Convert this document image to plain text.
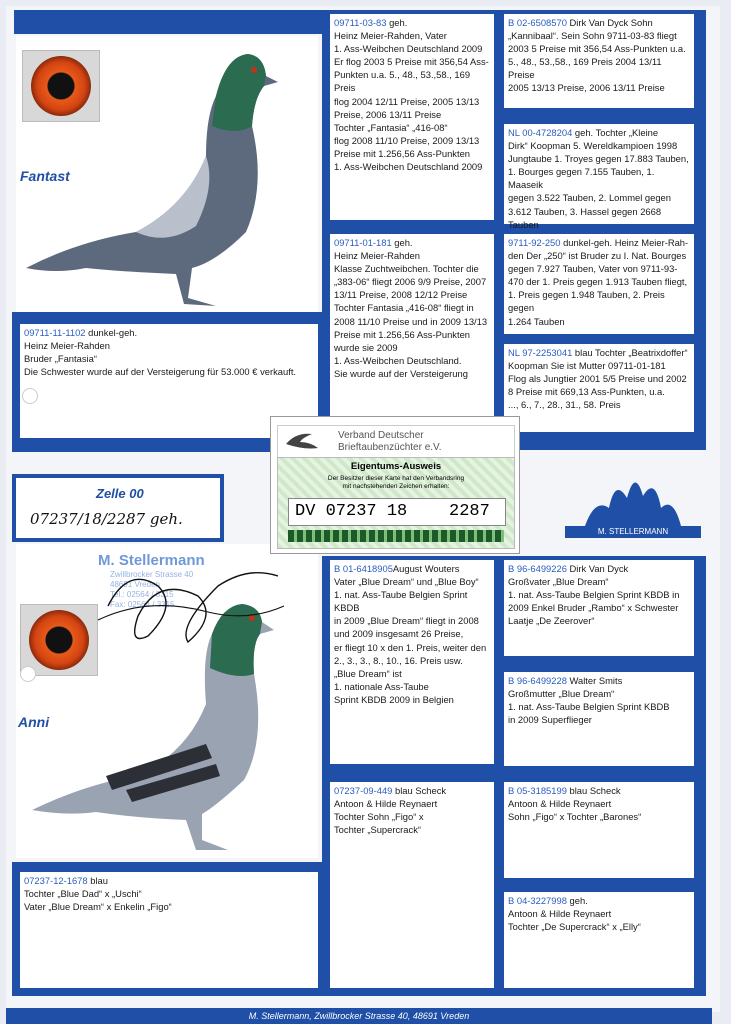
Fantast
Anni

09711-03-83 geh.

Heinz Meier-Rahden, Vater

1. Ass-Weibchen Deutschland 2009

Er flog 2003 5 Preise mit 356,54 Ass-

Punkten u.a. 5., 48., 53.,58., 169 Preis

flog 2004 12/11 Preise, 2005 13/13

Preise, 2006 13/11 Preise

Tochter „Fantasia“ „416-08“

flog 2008 11/10 Preise, 2009 13/13

Preise mit 1.256,56 Ass-Punkten

1. Ass-Weibchen Deutschland 2009

B 02-6508570 Dirk Van Dyck Sohn

„Kannibaal“. Sein Sohn 9711-03-83 fliegt

2003 5 Preise mit 356,54 Ass-Punkten u.a.

5., 48., 53.,58., 169 Preis 2004 13/11 Preise

2005 13/13 Preise, 2006 13/11 Preise

NL 00-4728204 geh. Tochter „Kleine

Dirk“ Koopman 5. Wereldkampioen 1998

Jungtaube 1. Troyes gegen 17.883 Tauben,

1. Bourges gegen 7.155 Tauben, 1. Maaseik

gegen 3.522 Tauben, 2. Lommel gegen

3.612 Tauben, 3. Hassel gegen 2668 Tauben

09711-01-181 geh.

Heinz Meier-Rahden

Klasse Zuchtweibchen. Tochter die

„383-06“ fliegt 2006 9/9 Preise, 2007

13/11 Preise, 2008 12/12 Preise

Tochter Fantasia „416-08“ fliegt in

2008 11/10 Preise und in 2009 13/13

Preise mit 1.256,56 Ass-Punkten

wurde sie 2009

1. Ass-Weibchen Deutschland.

Sie wurde auf der Versteigerung

9711-92-250 dunkel-geh. Heinz Meier-Rah-

den Der „250“ ist Bruder zu I. Nat. Bourges

gegen 7.927 Tauben, Vater von 9711-93-

470 der 1. Preis gegen 1.913 Tauben fliegt,

1. Preis gegen 1.948 Tauben, 2. Preis gegen

1.264 Tauben

NL 97-2253041 blau Tochter „Beatrixdoffer“

Koopman Sie ist Mutter 09711-01-181

Flog als Jungtier 2001 5/5 Preise und 2002

8 Preise mit 669,13 Ass-Punkten, u.a.

..., 6., 7., 28., 31., 58. Preis

09711-11-1102 dunkel-geh.

Heinz Meier-Rahden

Bruder „Fantasia“

Die Schwester wurde auf der Versteigerung für 53.000 € verkauft.

B 01-6418905August Wouters

Vater „Blue Dream“ und „Blue Boy“

1. nat. Ass-Taube Belgien Sprint KBDB

in 2009 „Blue Dream“ fliegt in 2008

und 2009 insgesamt 26 Preise,

er fliegt 10 x den 1. Preis, weiter den

2., 3., 3., 8., 10., 16. Preis usw.

„Blue Dream“ ist

1. nationale Ass-Taube

Sprint KBDB 2009 in Belgien

B 96-6499226 Dirk Van Dyck

Großvater „Blue Dream“

1. nat. Ass-Taube Belgien Sprint KBDB in

2009 Enkel Bruder „Rambo“ x Schwester

Laatje „De Zeerover“

B 96-6499228 Walter Smits

Großmutter „Blue Dream“

1. nat. Ass-Taube Belgien Sprint KBDB

in 2009 Superflieger

07237-09-449 blau Scheck

Antoon & Hilde Reynaert

Tochter Sohn „Figo“ x

Tochter „Supercrack“

B 05-3185199 blau Scheck

Antoon & Hilde Reynaert

Sohn „Figo“ x Tochter „Barones“

B 04-3227998 geh.

Antoon & Hilde Reynaert

Tochter „De Supercrack“ x „Elly“

07237-12-1678 blau

Tochter „Blue Dad“ x „Uschi“

Vater „Blue Dream“ x Enkelin „Figo“

Zelle 00
07237/18/2287 geh.
M. Stellermann
Zwillbrocker Strasse 40
48691 Vreden
Tel.: 02564 / 3315
Fax: 02564 / 3315
Verband Deutscher
Brieftaubenzüchter e.V.
Eigentums-Ausweis
Der Besitzer dieser Karte hat den Verbandsring
mit nachstehenden Zeichen erhalten:
DV 07237 18 2287
M. STELLERMANN
M. Stellermann, Zwillbrocker Strasse 40, 48691 Vreden
